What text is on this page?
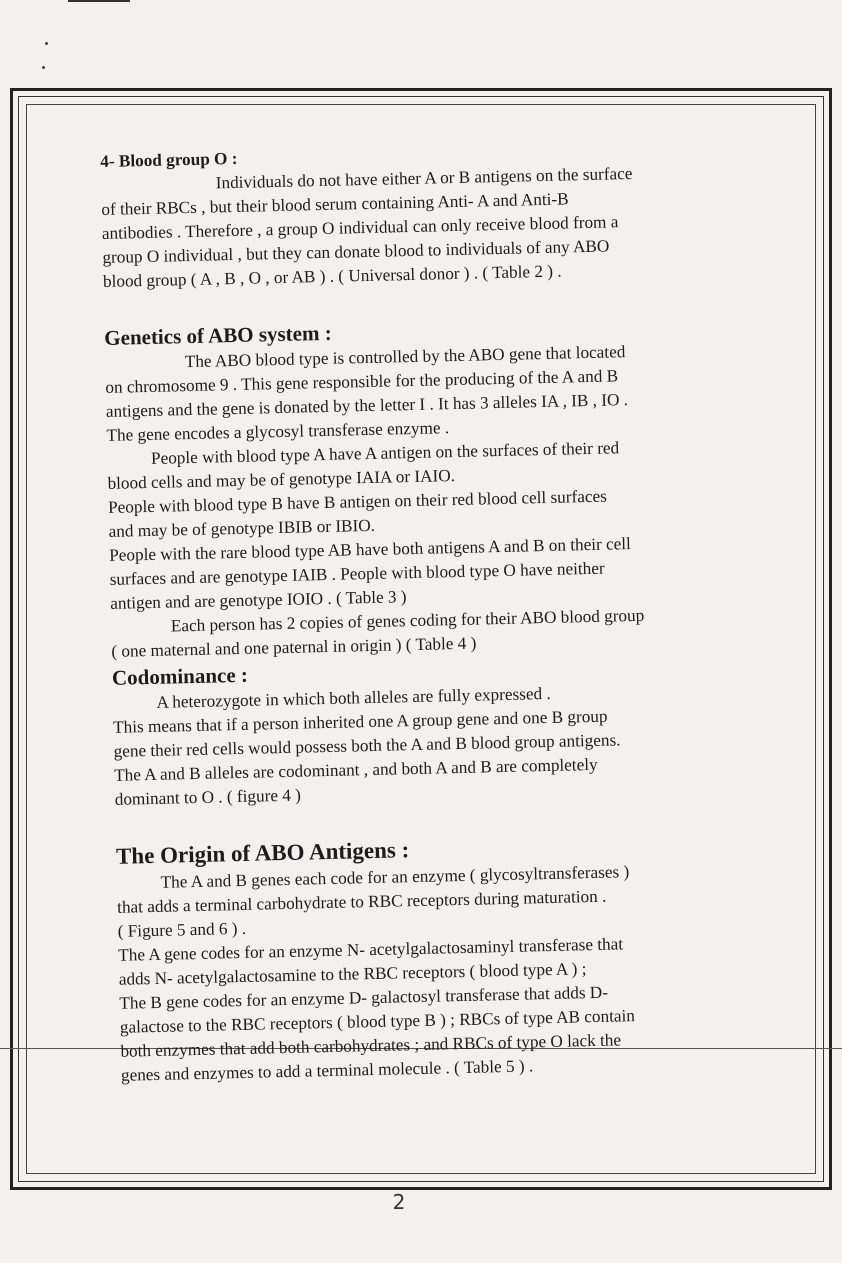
4- Blood group O :

Individuals do not have either A or B antigens on the surface

of their RBCs , but their blood serum containing Anti- A and Anti-B

antibodies . Therefore , a group O individual can only receive blood from a

group O individual , but they can donate blood to individuals of any ABO

blood group ( A , B , O , or AB ) . ( Universal donor ) . ( Table 2 ) .

Genetics of ABO system :

The ABO blood type is controlled by the ABO gene that located

on chromosome 9 . This gene responsible for the producing of the A and B

antigens and the gene is donated by the letter I . It has 3 alleles IA , IB , IO .

The gene encodes a glycosyl transferase enzyme .

People with blood type A have A antigen on the surfaces of their red

blood cells and may be of genotype IAIA or IAIO.

People with blood type B have B antigen on their red blood cell surfaces

and may be of genotype IBIB or IBIO.

People with the rare blood type AB have both antigens A and B on their cell

surfaces and are genotype IAIB . People with blood type O have neither

antigen and are genotype IOIO . ( Table 3 )

Each person has 2 copies of genes coding for their ABO blood group

( one maternal and one paternal in origin ) ( Table 4 )

Codominance :

A heterozygote in which both alleles are fully expressed .

This means that if a person inherited one A group gene and one B group

gene their red cells would possess both the A and B blood group antigens.

The A and B alleles are codominant , and both A and B are completely

dominant to O . ( figure 4 )

The Origin of ABO Antigens :

The A and B genes each code for an enzyme ( glycosyltransferases )

that adds a terminal carbohydrate to RBC receptors during maturation .

( Figure 5 and 6 ) .

The A gene codes for an enzyme N- acetylgalactosaminyl transferase that

adds N- acetylgalactosamine to the RBC receptors ( blood type A ) ;

The B gene codes for an enzyme D- galactosyl transferase that adds D-

galactose to the RBC receptors ( blood type B ) ; RBCs of type AB contain

both enzymes that add both carbohydrates ; and RBCs of type O lack the

genes and enzymes to add a terminal molecule . ( Table 5 ) .

2
